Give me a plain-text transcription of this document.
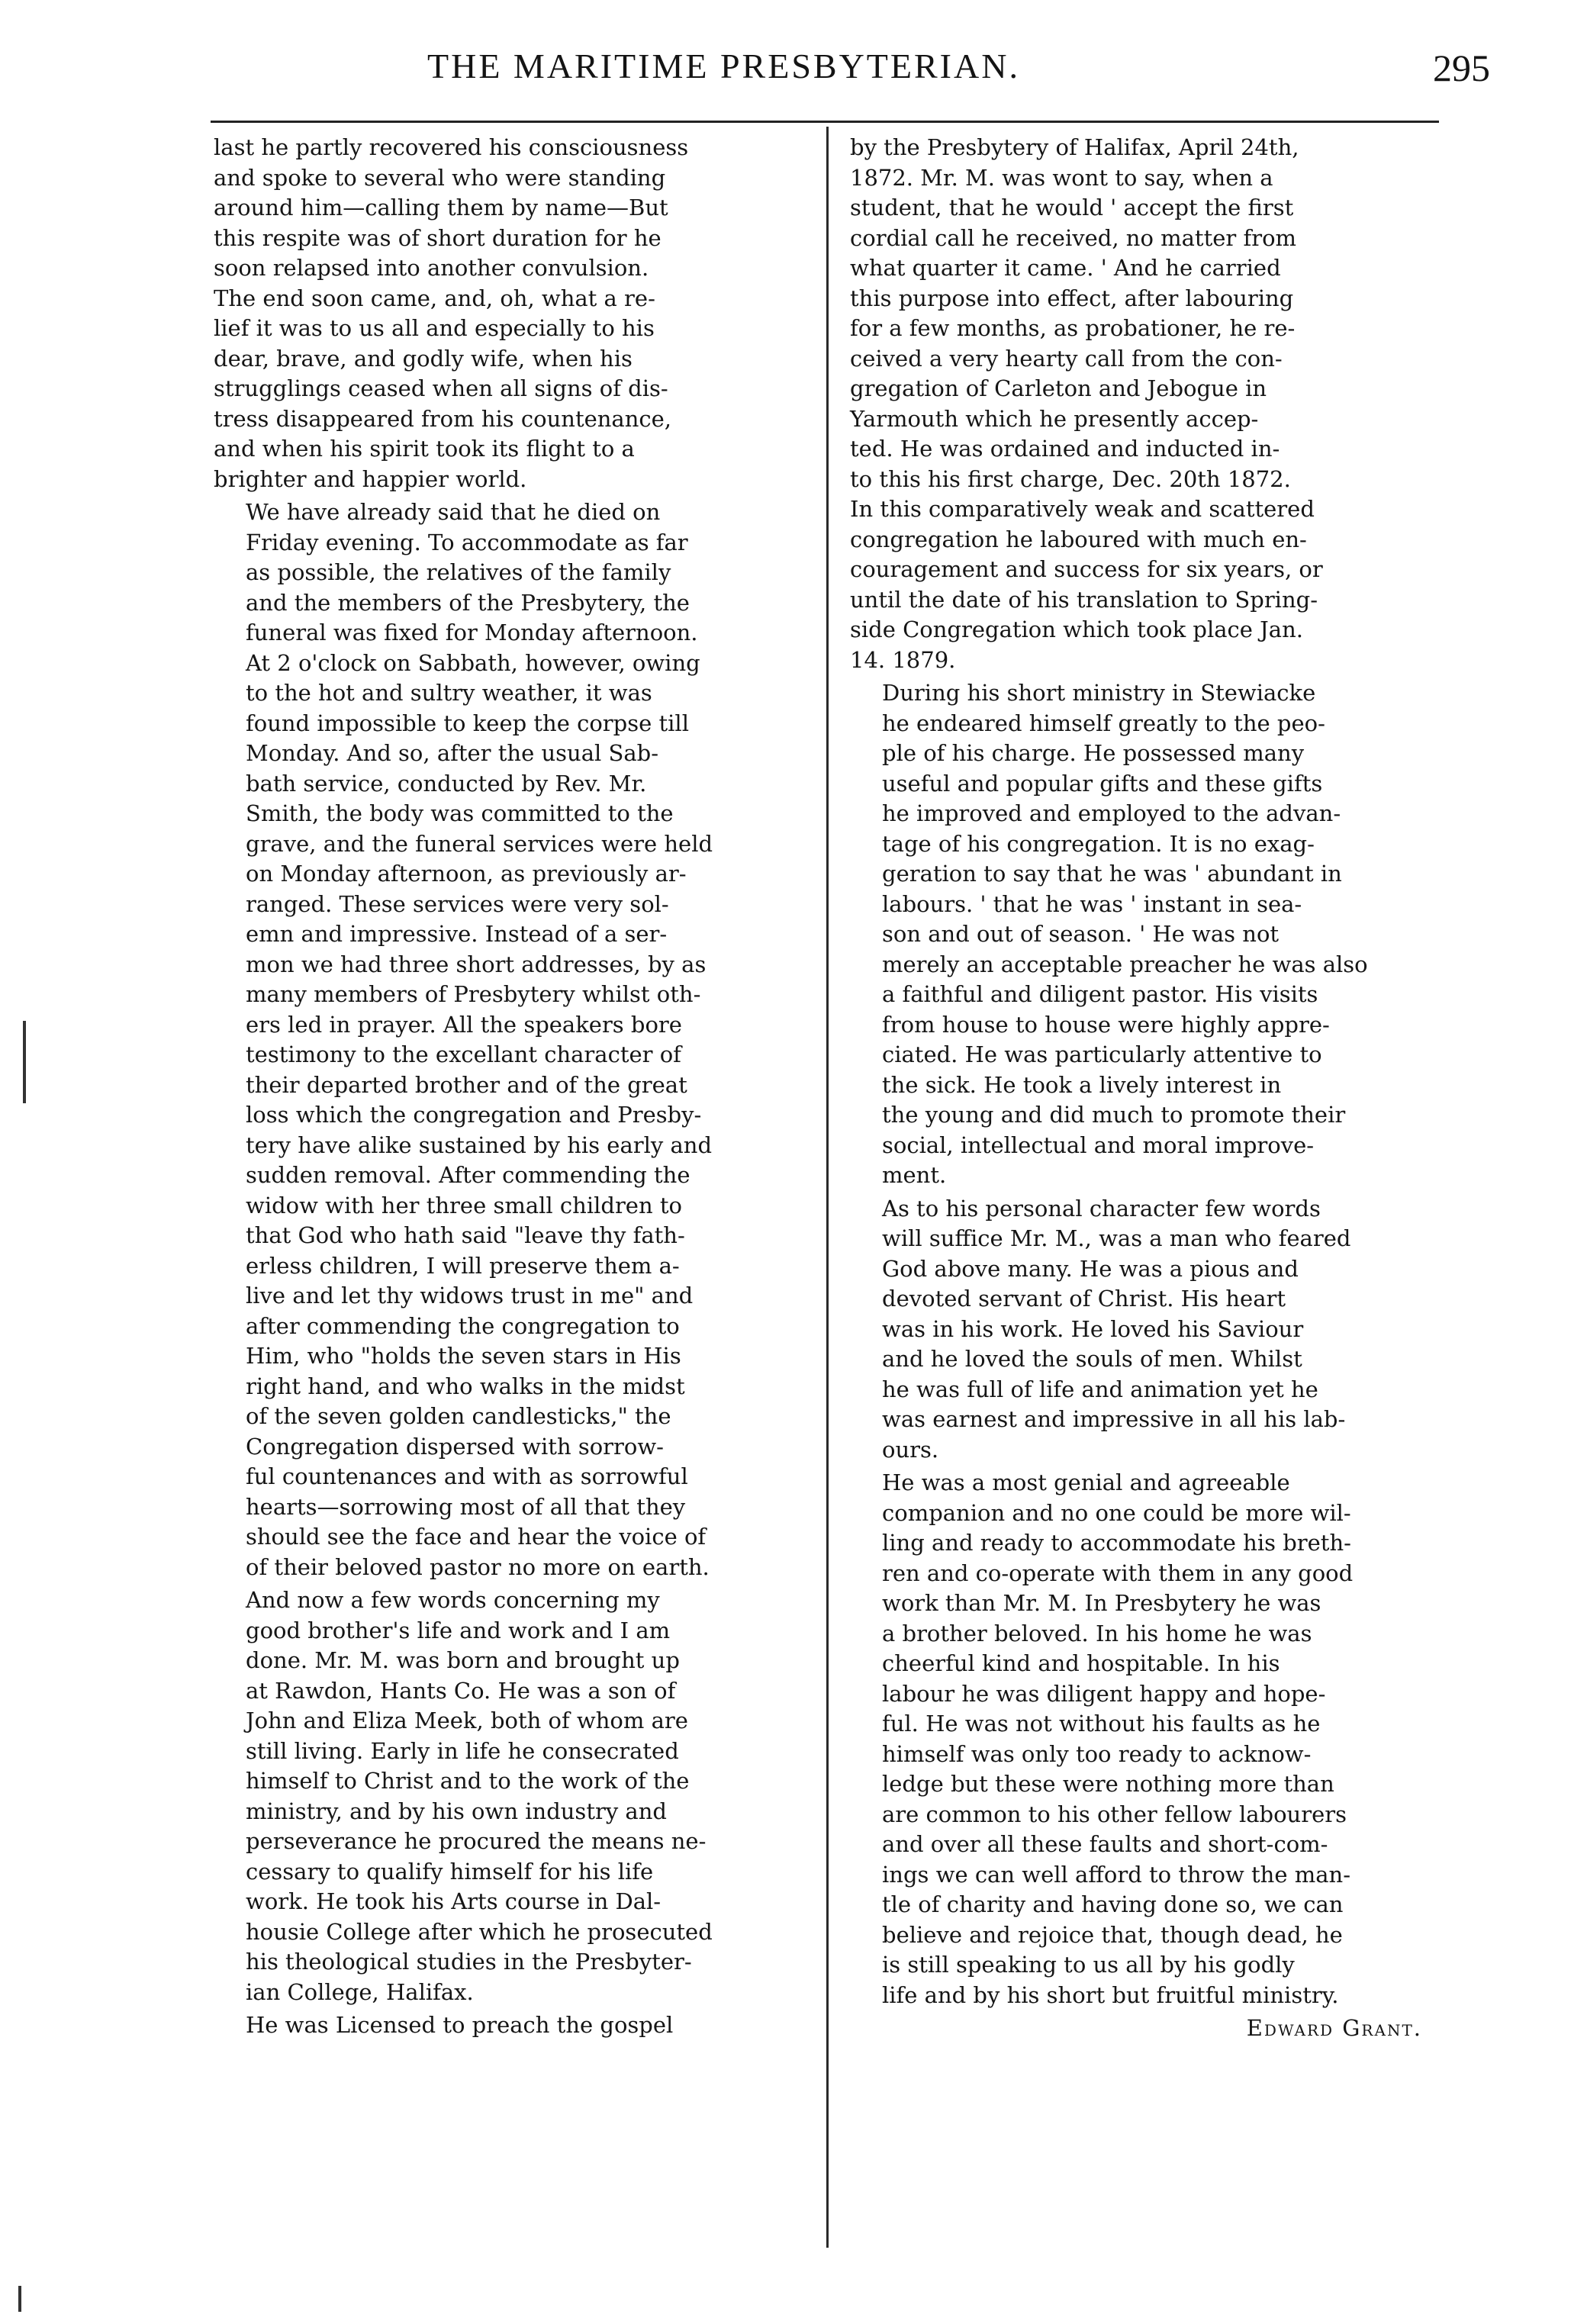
THE MARITIME PRESBYTERIAN.	295
last he partly recovered his consciousness
and spoke to several who were standing
around him—calling them by name—But
this respite was of short duration for he
soon relapsed into another convulsion.
The end soon came, and, oh, what a re-
lief it was to us all and especially to his
dear, brave, and godly wife, when his
strugglings ceased when all signs of dis-
tress disappeared from his countenance,
and when his spirit took its flight to a
brighter and happier world.
We have already said that he died on
Friday evening. To accommodate as far
as possible, the relatives of the family
and the members of the Presbytery, the
funeral was fixed for Monday afternoon.
At 2 o'clock on Sabbath, however, owing
to the hot and sultry weather, it was
found impossible to keep the corpse till
Monday. And so, after the usual Sab-
bath service, conducted by Rev. Mr.
Smith, the body was committed to the
grave, and the funeral services were held
on Monday afternoon, as previously ar-
ranged. These services were very sol-
emn and impressive. Instead of a ser-
mon we had three short addresses, by as
many members of Presbytery whilst oth-
ers led in prayer. All the speakers bore
testimony to the excellant character of
their departed brother and of the great
loss which the congregation and Presby-
tery have alike sustained by his early and
sudden removal. After commending the
widow with her three small children to
that God who hath said "leave thy fath-
erless children, I will preserve them a-
live and let thy widows trust in me" and
after commending the congregation to
Him, who "holds the seven stars in His
right hand, and who walks in the midst
of the seven golden candlesticks," the
Congregation dispersed with sorrow-
ful countenances and with as sorrowful
hearts—sorrowing most of all that they
should see the face and hear the voice of
of their beloved pastor no more on earth.
And now a few words concerning my
good brother's life and work and I am
done. Mr. M. was born and brought up
at Rawdon, Hants Co. He was a son of
John and Eliza Meek, both of whom are
still living. Early in life he consecrated
himself to Christ and to the work of the
ministry, and by his own industry and
perseverance he procured the means ne-
cessary to qualify himself for his life
work. He took his Arts course in Dal-
housie College after which he prosecuted
his theological studies in the Presbyter-
ian College, Halifax.
He was Licensed to preach the gospel
by the Presbytery of Halifax, April 24th,
1872. Mr. M. was wont to say, when a
student, that he would ' accept the first
cordial call he received, no matter from
what quarter it came. ' And he carried
this purpose into effect, after labouring
for a few months, as probationer, he re-
ceived a very hearty call from the con-
gregation of Carleton and Jebogue in
Yarmouth which he presently accep-
ted. He was ordained and inducted in-
to this his first charge, Dec. 20th 1872.
In this comparatively weak and scattered
congregation he laboured with much en-
couragement and success for six years, or
until the date of his translation to Spring-
side Congregation which took place Jan.
14. 1879.
During his short ministry in Stewiacke
he endeared himself greatly to the peo-
ple of his charge. He possessed many
useful and popular gifts and these gifts
he improved and employed to the advan-
tage of his congregation. It is no exag-
geration to say that he was ' abundant in
labours. ' that he was ' instant in sea-
son and out of season. ' He was not
merely an acceptable preacher he was also
a faithful and diligent pastor. His visits
from house to house were highly appre-
ciated. He was particularly attentive to
the sick. He took a lively interest in
the young and did much to promote their
social, intellectual and moral improve-
ment.
As to his personal character few words
will suffice Mr. M., was a man who feared
God above many. He was a pious and
devoted servant of Christ. His heart
was in his work. He loved his Saviour
and he loved the souls of men. Whilst
he was full of life and animation yet he
was earnest and impressive in all his lab-
ours.
He was a most genial and agreeable
companion and no one could be more wil-
ling and ready to accommodate his breth-
ren and co-operate with them in any good
work than Mr. M. In Presbytery he was
a brother beloved. In his home he was
cheerful kind and hospitable. In his
labour he was diligent happy and hope-
ful. He was not without his faults as he
himself was only too ready to acknow-
ledge but these were nothing more than
are common to his other fellow labourers
and over all these faults and short-com-
ings we can well afford to throw the man-
tle of charity and having done so, we can
believe and rejoice that, though dead, he
is still speaking to us all by his godly
life and by his short but fruitful ministry.
Edward Grant.
